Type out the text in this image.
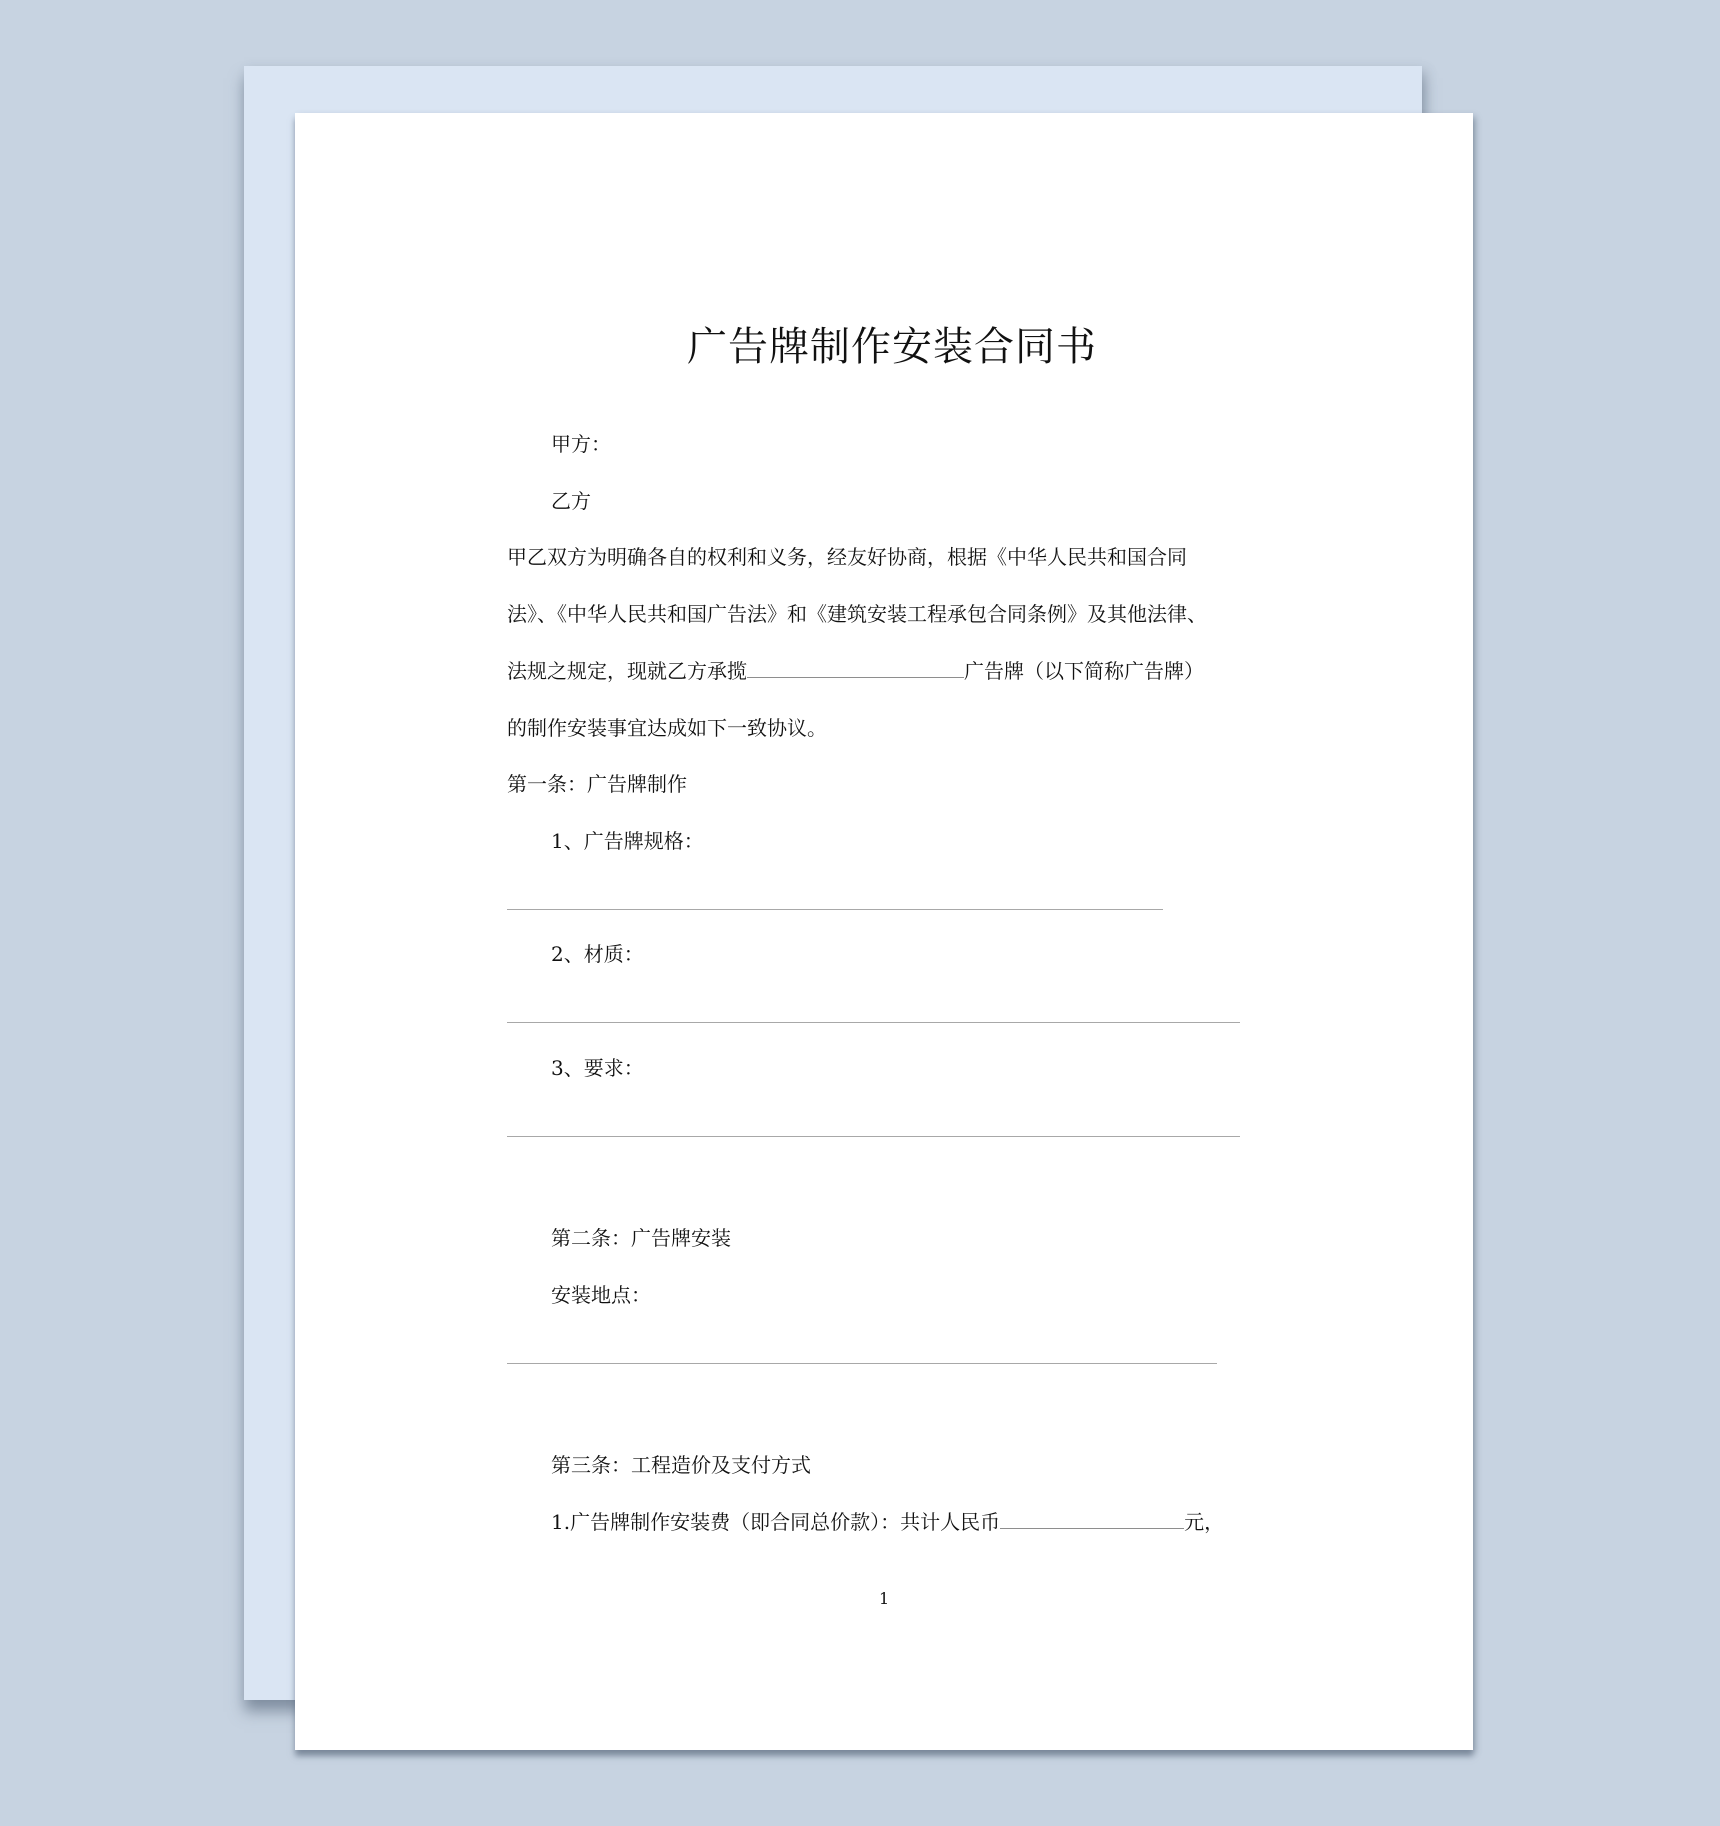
广告牌制作安装合同书
甲方：
乙方
甲乙双方为明确各自的权利和义务，经友好协商，根据《中华人民共和国合同
法》、《中华人民共和国广告法》和《建筑安装工程承包合同条例》及其他法律、
法规之规定，现就乙方承揽	广告牌（以下简称广告牌）
的制作安装事宜达成如下一致协议。
第一条：广告牌制作
1、广告牌规格：
2、材质：
3、要求：
第二条：广告牌安装
安装地点：
第三条：工程造价及支付方式
1.广告牌制作安装费（即合同总价款）：共计人民币	元，
1
